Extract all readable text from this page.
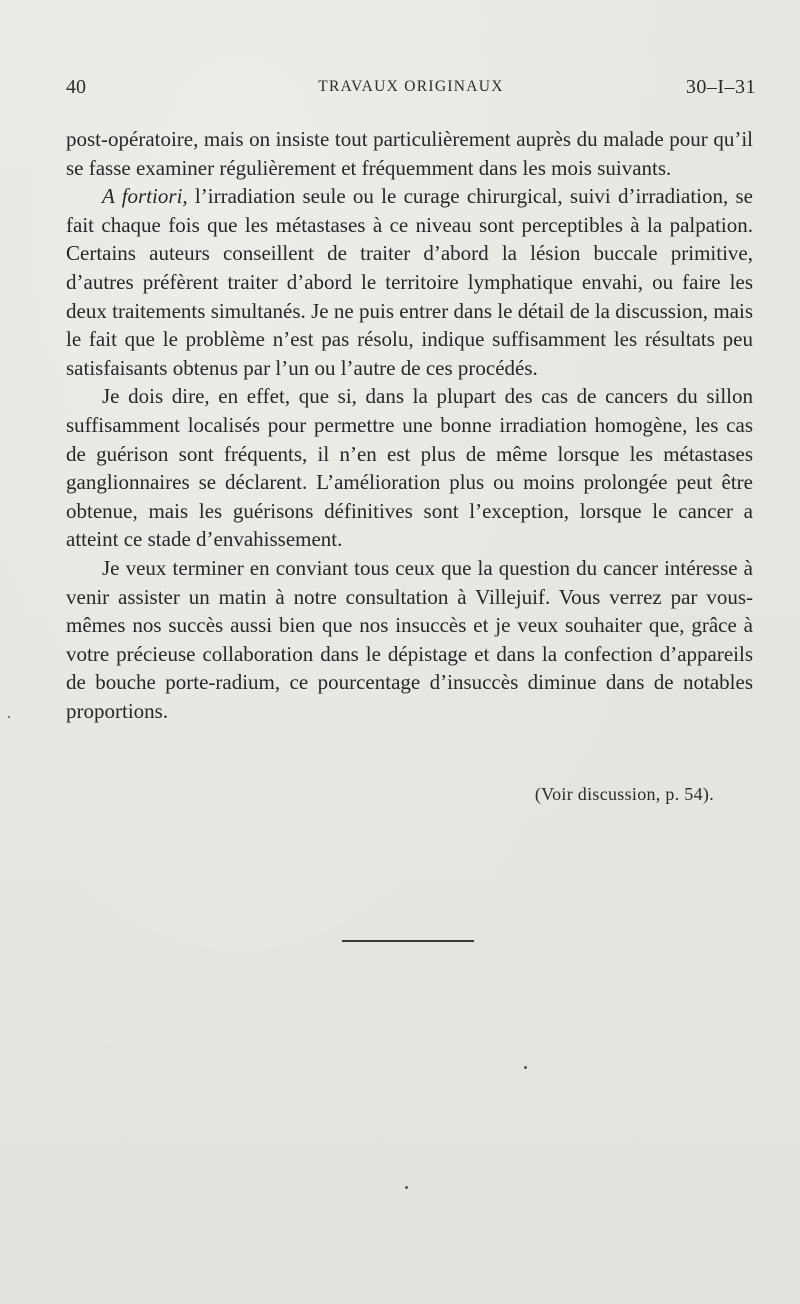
40	TRAVAUX ORIGINAUX	30–I–31

post-opératoire, mais on insiste tout particulièrement auprès du malade pour qu’il se fasse examiner régulièrement et fréquemment dans les mois suivants.

A fortiori, l’irradiation seule ou le curage chirurgical, suivi d’irradiation, se fait chaque fois que les métastases à ce niveau sont perceptibles à la palpation. Certains auteurs conseillent de traiter d’abord la lésion buccale primitive, d’autres préfèrent traiter d’abord le territoire lymphatique envahi, ou faire les deux traitements simultanés. Je ne puis entrer dans le détail de la discussion, mais le fait que le problème n’est pas résolu, indique suffisamment les résultats peu satisfaisants obtenus par l’un ou l’autre de ces procédés.

Je dois dire, en effet, que si, dans la plupart des cas de cancers du sillon suffisamment localisés pour permettre une bonne irradiation homogène, les cas de guérison sont fréquents, il n’en est plus de même lorsque les métastases ganglionnaires se déclarent. L’amélioration plus ou moins prolongée peut être obtenue, mais les guérisons définitives sont l’exception, lorsque le cancer a atteint ce stade d’envahissement.

Je veux terminer en conviant tous ceux que la question du cancer intéresse à venir assister un matin à notre consultation à Villejuif. Vous verrez par vous-mêmes nos succès aussi bien que nos insuccès et je veux souhaiter que, grâce à votre précieuse collaboration dans le dépistage et dans la confection d’appareils de bouche porte-radium, ce pourcentage d’insuccès diminue dans de notables proportions.

(Voir discussion, p. 54).
